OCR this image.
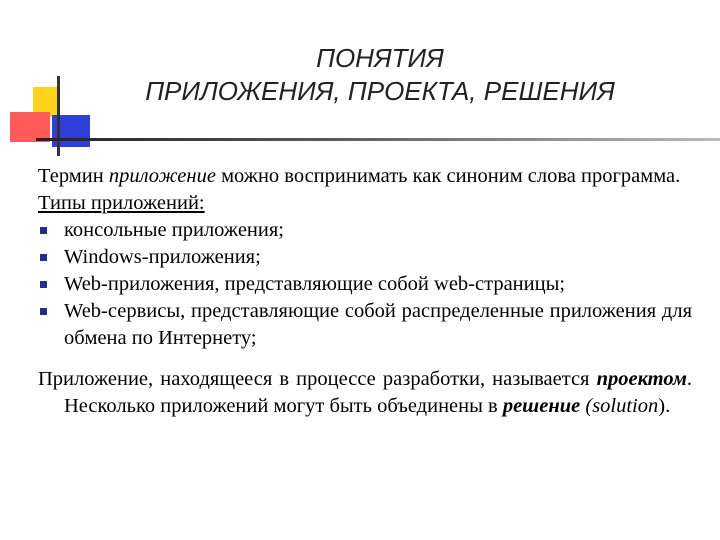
ПОНЯТИЯ
ПРИЛОЖЕНИЯ, ПРОЕКТА, РЕШЕНИЯ
Термин приложение можно воспринимать как синоним слова программа.
Типы приложений:
консольные приложения;
Windows-приложения;
Web-приложения, представляющие собой web-страницы;
Web-сервисы, представляющие собой распределенные приложения для обмена по Интернету;
Приложение, находящееся в процессе разработки, называется проектом. Несколько приложений могут быть объединены в решение (solution).
